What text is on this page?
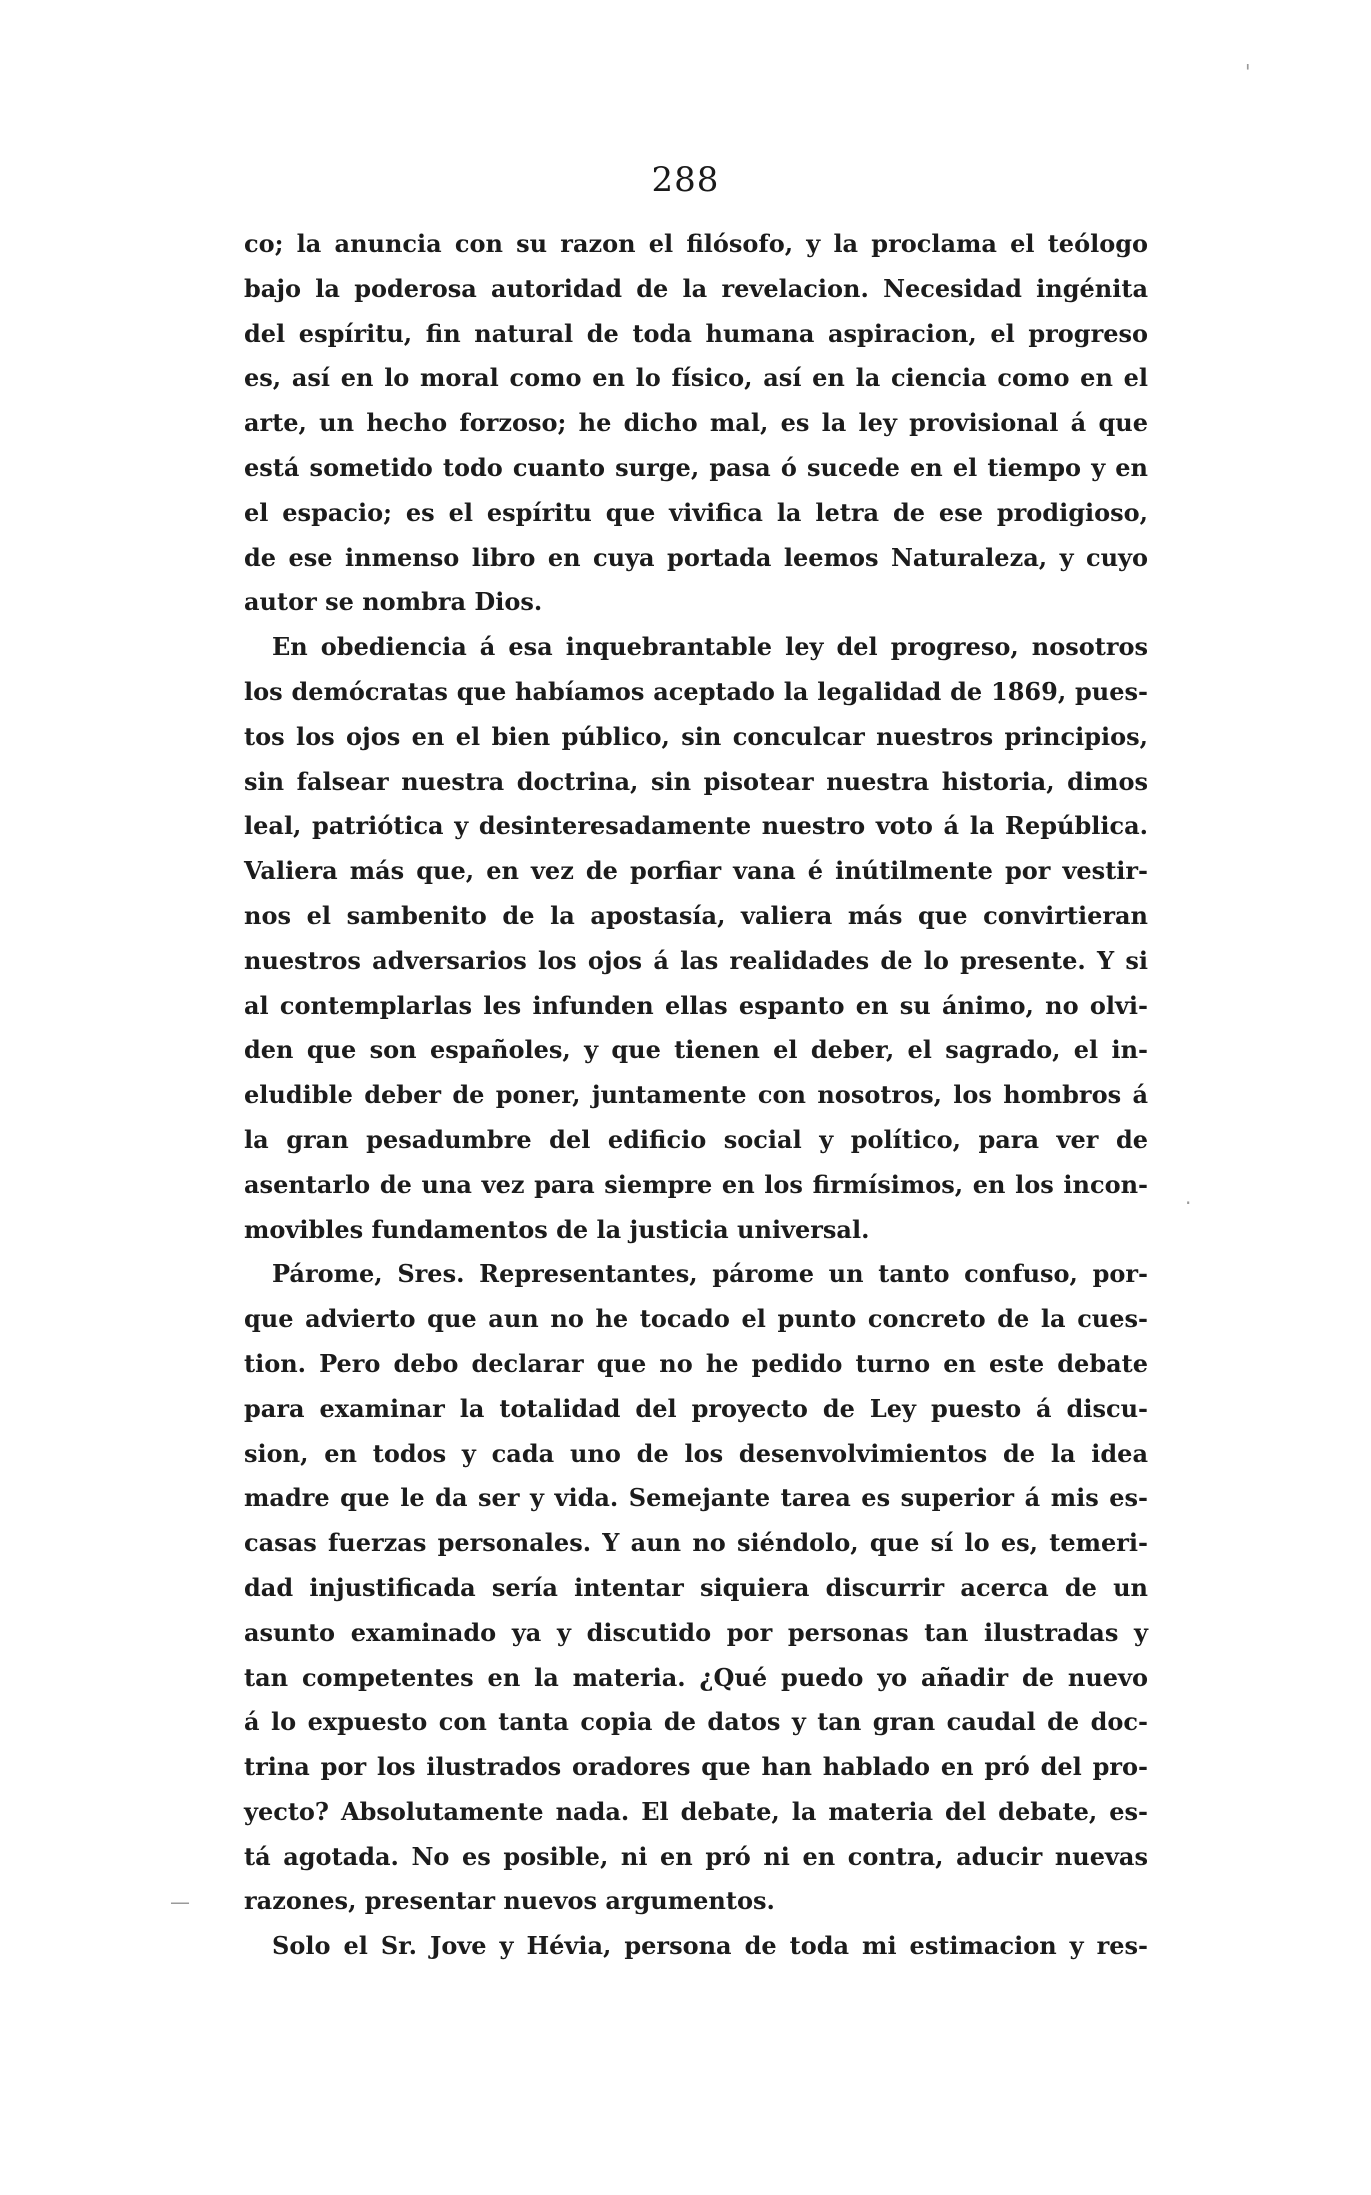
288
co; la anuncia con su razon el filósofo, y la proclama el teólogo
bajo la poderosa autoridad de la revelacion. Necesidad ingénita
del espíritu, fin natural de toda humana aspiracion, el progreso
es, así en lo moral como en lo físico, así en la ciencia como en el
arte, un hecho forzoso; he dicho mal, es la ley provisional á que
está sometido todo cuanto surge, pasa ó sucede en el tiempo y en
el espacio; es el espíritu que vivifica la letra de ese prodigioso,
de ese inmenso libro en cuya portada leemos Naturaleza, y cuyo
autor se nombra Dios.
En obediencia á esa inquebrantable ley del progreso, nosotros
los demócratas que habíamos aceptado la legalidad de 1869, pues-
tos los ojos en el bien público, sin conculcar nuestros principios,
sin falsear nuestra doctrina, sin pisotear nuestra historia, dimos
leal, patriótica y desinteresadamente nuestro voto á la República.
Valiera más que, en vez de porfiar vana é inútilmente por vestir-
nos el sambenito de la apostasía, valiera más que convirtieran
nuestros adversarios los ojos á las realidades de lo presente. Y si
al contemplarlas les infunden ellas espanto en su ánimo, no olvi-
den que son españoles, y que tienen el deber, el sagrado, el in-
eludible deber de poner, juntamente con nosotros, los hombros á
la gran pesadumbre del edificio social y político, para ver de
asentarlo de una vez para siempre en los firmísimos, en los incon-
movibles fundamentos de la justicia universal.
Párome, Sres. Representantes, párome un tanto confuso, por-
que advierto que aun no he tocado el punto concreto de la cues-
tion. Pero debo declarar que no he pedido turno en este debate
para examinar la totalidad del proyecto de Ley puesto á discu-
sion, en todos y cada uno de los desenvolvimientos de la idea
madre que le da ser y vida. Semejante tarea es superior á mis es-
casas fuerzas personales. Y aun no siéndolo, que sí lo es, temeri-
dad injustificada sería intentar siquiera discurrir acerca de un
asunto examinado ya y discutido por personas tan ilustradas y
tan competentes en la materia. ¿Qué puedo yo añadir de nuevo
á lo expuesto con tanta copia de datos y tan gran caudal de doc-
trina por los ilustrados oradores que han hablado en pró del pro-
yecto? Absolutamente nada. El debate, la materia del debate, es-
tá agotada. No es posible, ni en pró ni en contra, aducir nuevas
razones, presentar nuevos argumentos.
Solo el Sr. Jove y Hévia, persona de toda mi estimacion y res-
'
.
—
